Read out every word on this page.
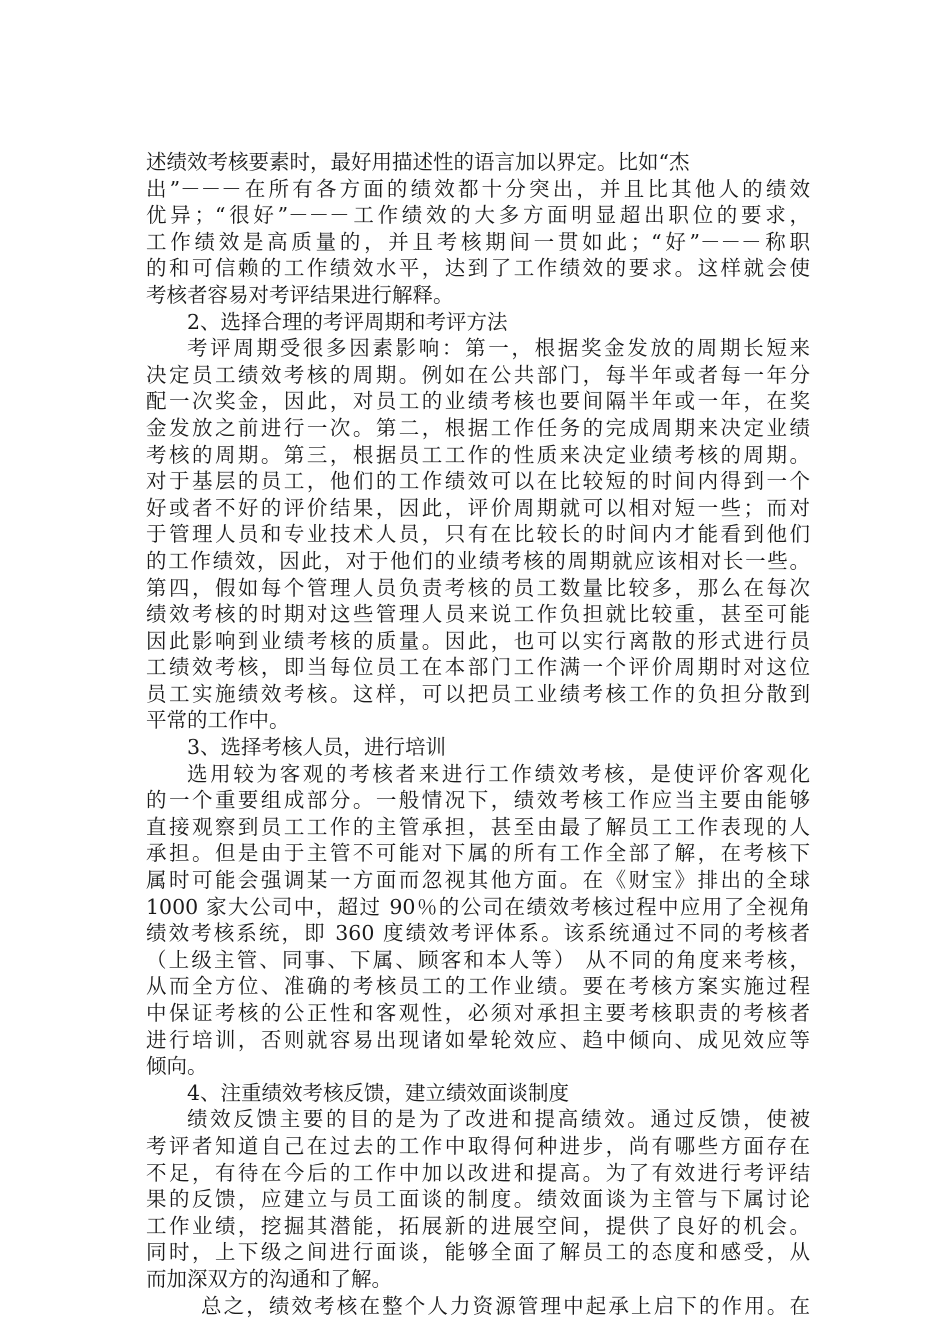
述绩效考核要素时，最好用描述性的语言加以界定。比如“杰
出”－－－在所有各方面的绩效都十分突出，并且比其他人的绩效
优异；“很好”－－－工作绩效的大多方面明显超出职位的要求，
工作绩效是高质量的，并且考核期间一贯如此；“好”－－－称职
的和可信赖的工作绩效水平，达到了工作绩效的要求。这样就会使
考核者容易对考评结果进行解释。
2、选择合理的考评周期和考评方法
考评周期受很多因素影响：第一，根据奖金发放的周期长短来
决定员工绩效考核的周期。例如在公共部门，每半年或者每一年分
配一次奖金，因此，对员工的业绩考核也要间隔半年或一年，在奖
金发放之前进行一次。第二，根据工作任务的完成周期来决定业绩
考核的周期。第三，根据员工工作的性质来决定业绩考核的周期。
对于基层的员工，他们的工作绩效可以在比较短的时间内得到一个
好或者不好的评价结果，因此，评价周期就可以相对短一些；而对
于管理人员和专业技术人员，只有在比较长的时间内才能看到他们
的工作绩效，因此，对于他们的业绩考核的周期就应该相对长一些。
第四，假如每个管理人员负责考核的员工数量比较多，那么在每次
绩效考核的时期对这些管理人员来说工作负担就比较重，甚至可能
因此影响到业绩考核的质量。因此，也可以实行离散的形式进行员
工绩效考核，即当每位员工在本部门工作满一个评价周期时对这位
员工实施绩效考核。这样，可以把员工业绩考核工作的负担分散到
平常的工作中。
3、选择考核人员，进行培训
选用较为客观的考核者来进行工作绩效考核，是使评价客观化
的一个重要组成部分。一般情况下，绩效考核工作应当主要由能够
直接观察到员工工作的主管承担，甚至由最了解员工工作表现的人
承担。但是由于主管不可能对下属的所有工作全部了解，在考核下
属时可能会强调某一方面而忽视其他方面。在《财宝》排出的全球
1000 家大公司中，超过 90％的公司在绩效考核过程中应用了全视角
绩效考核系统，即 360 度绩效考评体系。该系统通过不同的考核者
（上级主管、同事、下属、顾客和本人等） 从不同的角度来考核，
从而全方位、准确的考核员工的工作业绩。要在考核方案实施过程
中保证考核的公正性和客观性，必须对承担主要考核职责的考核者
进行培训，否则就容易出现诸如晕轮效应、趋中倾向、成见效应等
倾向。
4、注重绩效考核反馈，建立绩效面谈制度
绩效反馈主要的目的是为了改进和提高绩效。通过反馈，使被
考评者知道自己在过去的工作中取得何种进步，尚有哪些方面存在
不足，有待在今后的工作中加以改进和提高。为了有效进行考评结
果的反馈，应建立与员工面谈的制度。绩效面谈为主管与下属讨论
工作业绩，挖掘其潜能，拓展新的进展空间，提供了良好的机会。
同时，上下级之间进行面谈，能够全面了解员工的态度和感受，从
而加深双方的沟通和了解。
总之，绩效考核在整个人力资源管理中起承上启下的作用。在
